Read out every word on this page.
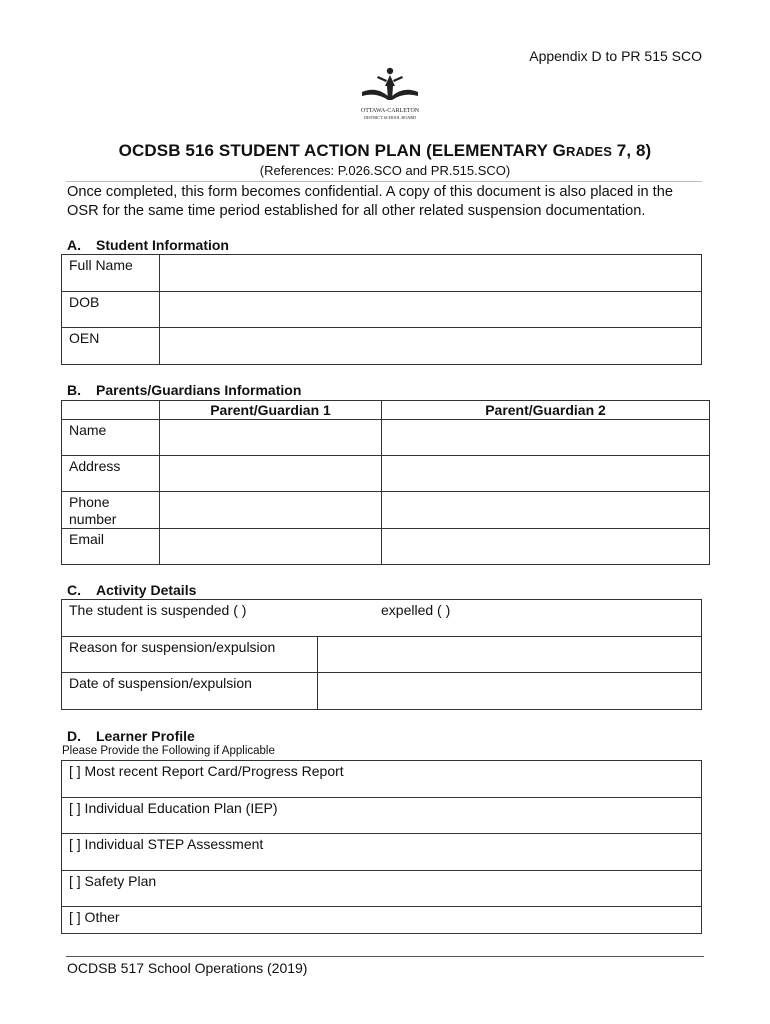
Appendix D to PR 515 SCO
OTTAWA-CARLETON
DISTRICT SCHOOL BOARD
OCDSB 516 STUDENT ACTION PLAN (ELEMENTARY GRADES 7, 8)
(References: P.026.SCO and PR.515.SCO)
Once completed, this form becomes confidential. A copy of this document is also placed in the OSR for the same time period established for all other related suspension documentation.
A. Student Information
Full Name	
DOB	
OEN	
B. Parents/Guardians Information
	Parent/Guardian 1	Parent/Guardian 2
Name		
Address		
Phone number		
Email		
C. Activity Details
The student is suspended ( ) expelled ( )	

Reason for suspension/expulsion	
Date of suspension/expulsion	
D. Learner Profile
Please Provide the Following if Applicable
[ ] Most recent Report Card/Progress Report
[ ] Individual Education Plan (IEP)
[ ] Individual STEP Assessment
[ ] Safety Plan
[ ] Other
OCDSB 517 School Operations (2019)
